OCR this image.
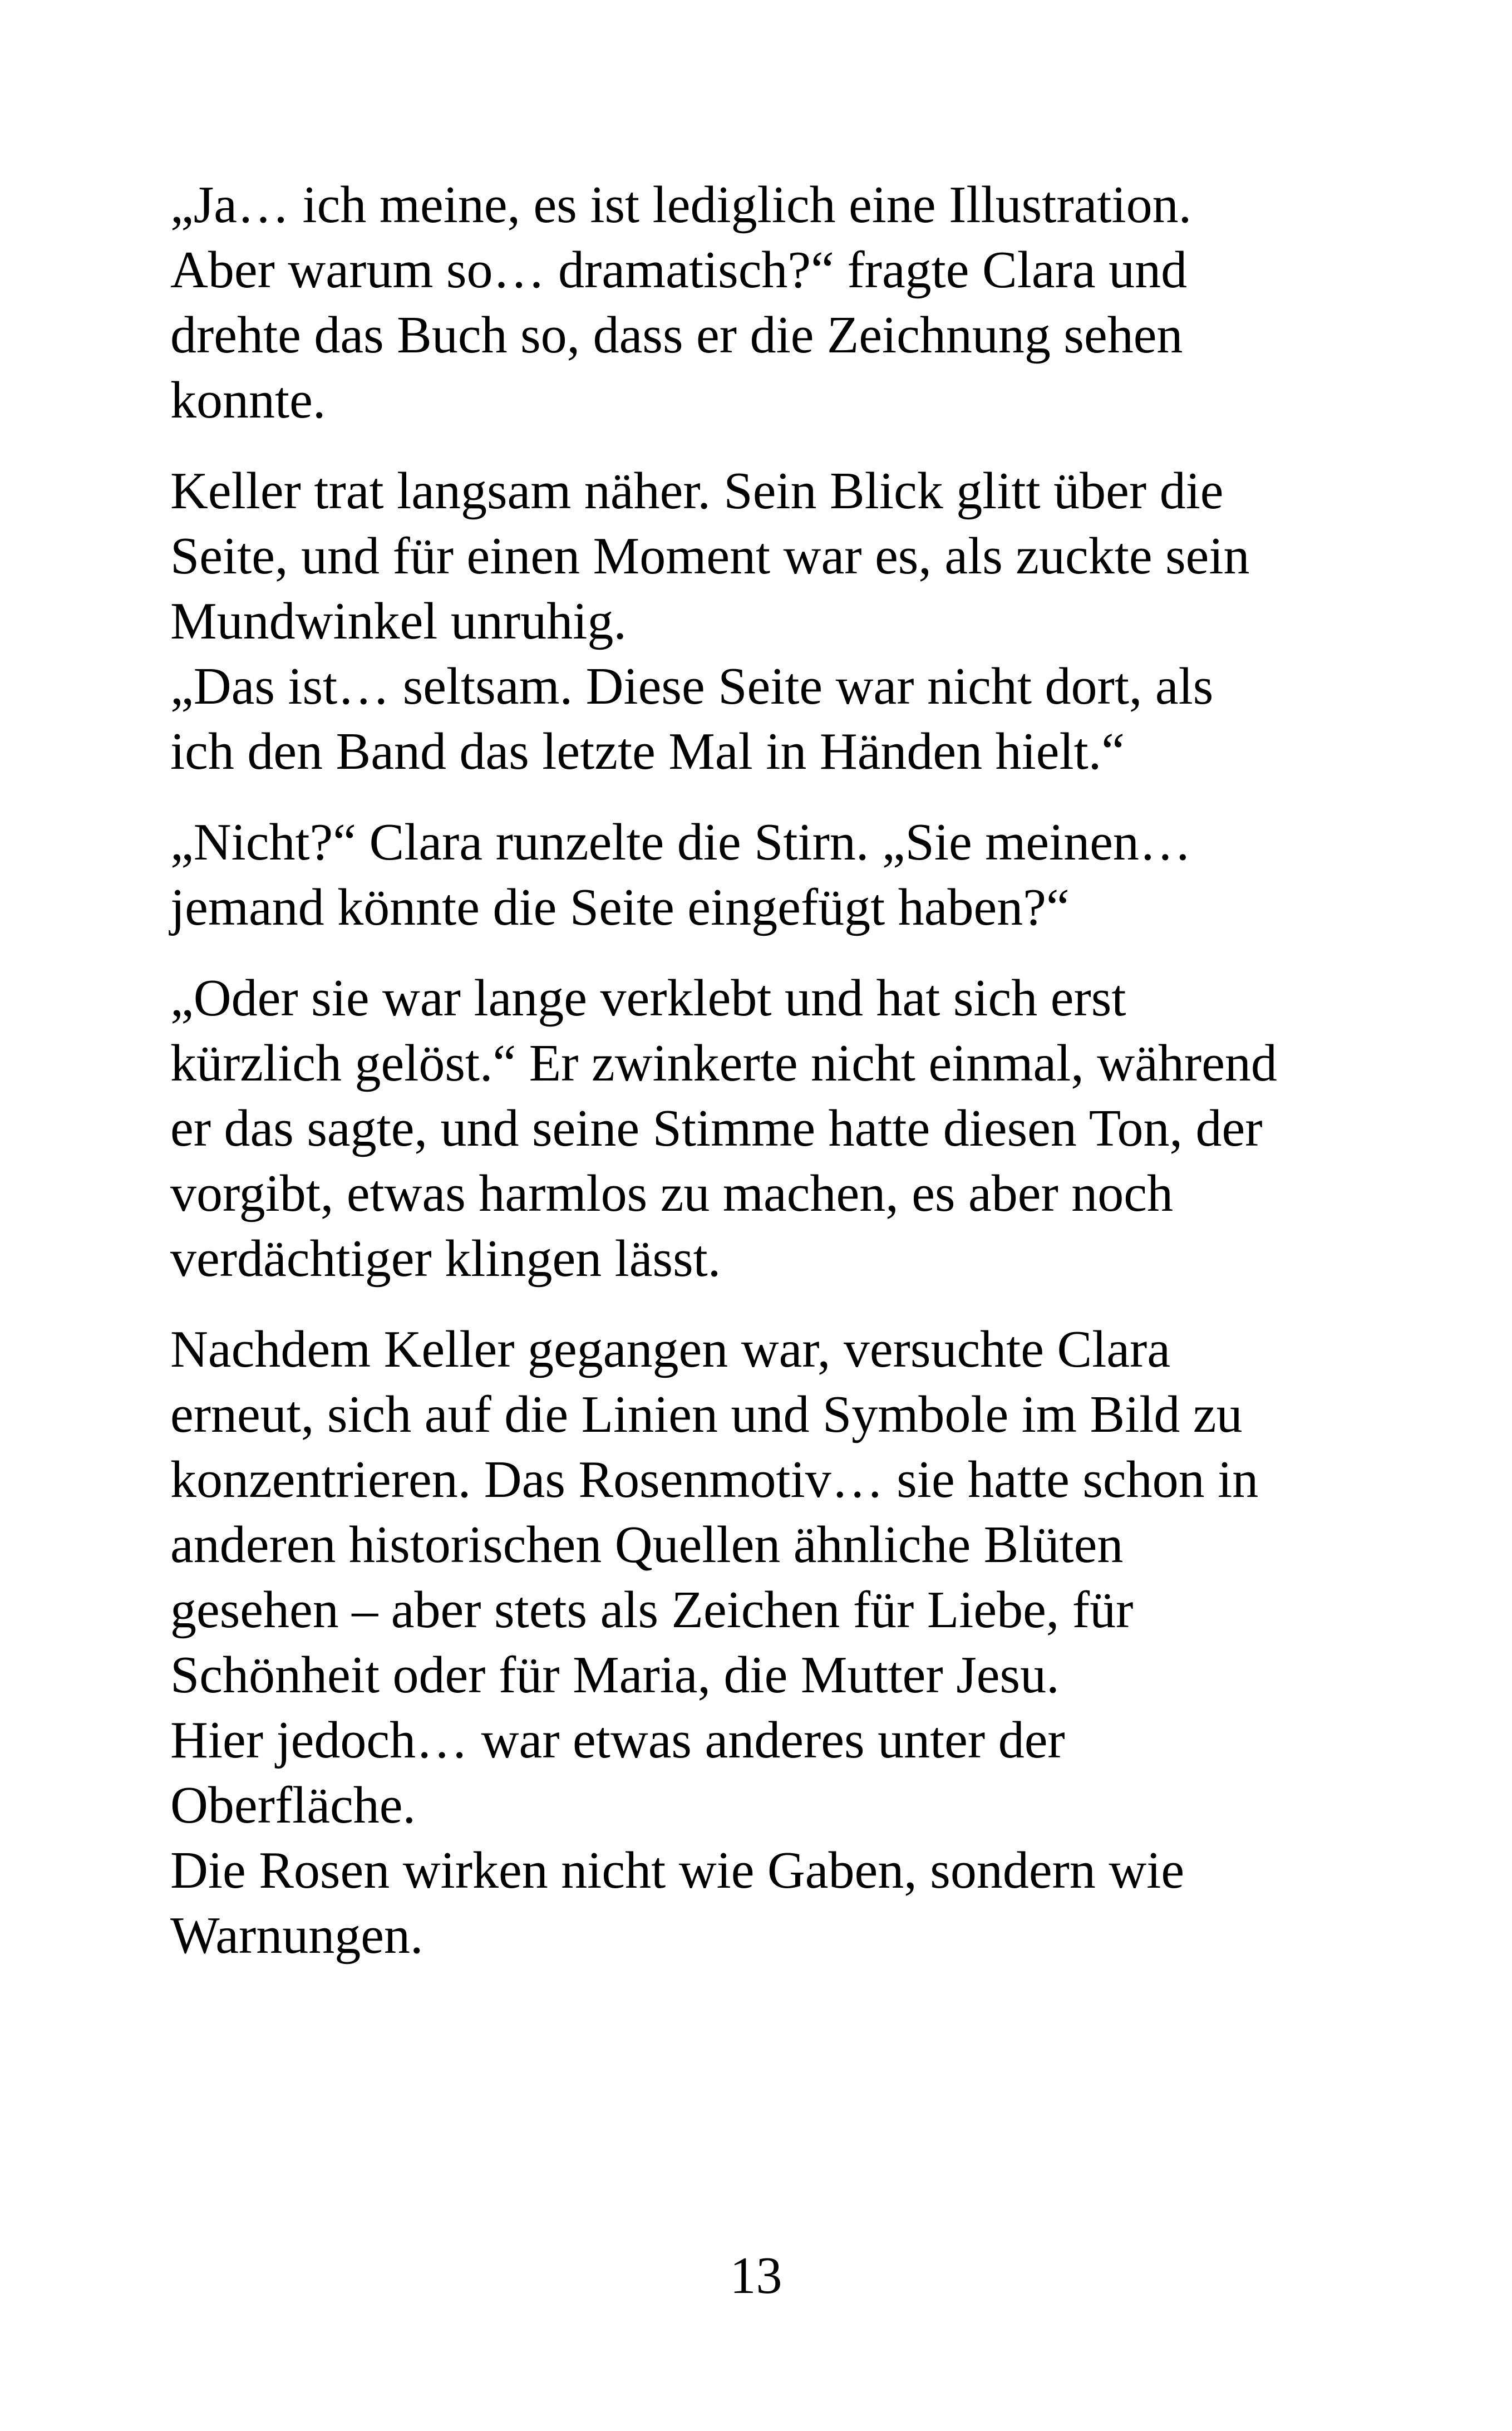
„Ja… ich meine, es ist lediglich eine Illustration.
Aber warum so… dramatisch?“ fragte Clara und
drehte das Buch so, dass er die Zeichnung sehen
konnte.

Keller trat langsam näher. Sein Blick glitt über die
Seite, und für einen Moment war es, als zuckte sein
Mundwinkel unruhig.
„Das ist… seltsam. Diese Seite war nicht dort, als
ich den Band das letzte Mal in Händen hielt.“

„Nicht?“ Clara runzelte die Stirn. „Sie meinen…
jemand könnte die Seite eingefügt haben?“

„Oder sie war lange verklebt und hat sich erst
kürzlich gelöst.“ Er zwinkerte nicht einmal, während
er das sagte, und seine Stimme hatte diesen Ton, der
vorgibt, etwas harmlos zu machen, es aber noch
verdächtiger klingen lässt.

Nachdem Keller gegangen war, versuchte Clara
erneut, sich auf die Linien und Symbole im Bild zu
konzentrieren. Das Rosenmotiv… sie hatte schon in
anderen historischen Quellen ähnliche Blüten
gesehen – aber stets als Zeichen für Liebe, für
Schönheit oder für Maria, die Mutter Jesu.
Hier jedoch… war etwas anderes unter der
Oberfläche.
Die Rosen wirken nicht wie Gaben, sondern wie
Warnungen.

13
